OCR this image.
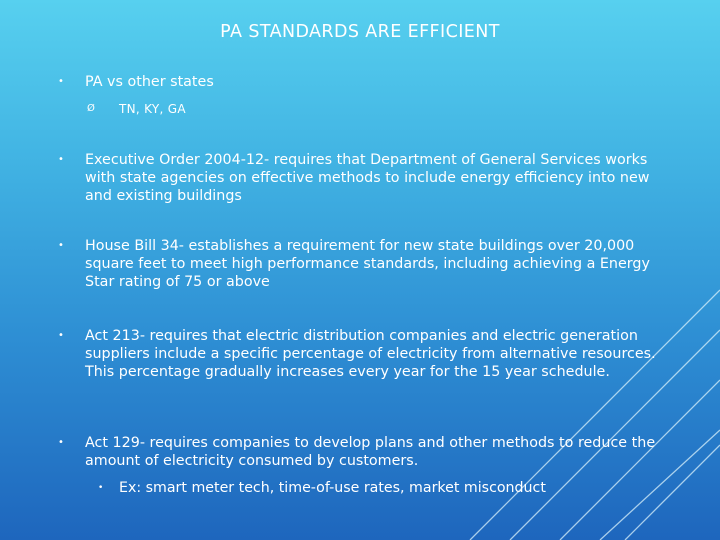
PA STANDARDS ARE EFFICIENT
• PA vs other states
Ø TN, KY, GA
• Executive Order 2004-12- requires that Department of General Services works with state agencies on effective methods to include energy efficiency into new and existing buildings
• House Bill 34- establishes a requirement for new state buildings over 20,000 square feet to meet high performance standards, including achieving a Energy Star rating of 75 or above
• Act 213- requires that electric distribution companies and electric generation suppliers include a specific percentage of electricity from alternative resources. This percentage gradually increases every year for the 15 year schedule.
• Act 129- requires companies to develop plans and other methods to reduce the amount of electricity consumed by customers.
• Ex: smart meter tech, time-of-use rates, market misconduct
